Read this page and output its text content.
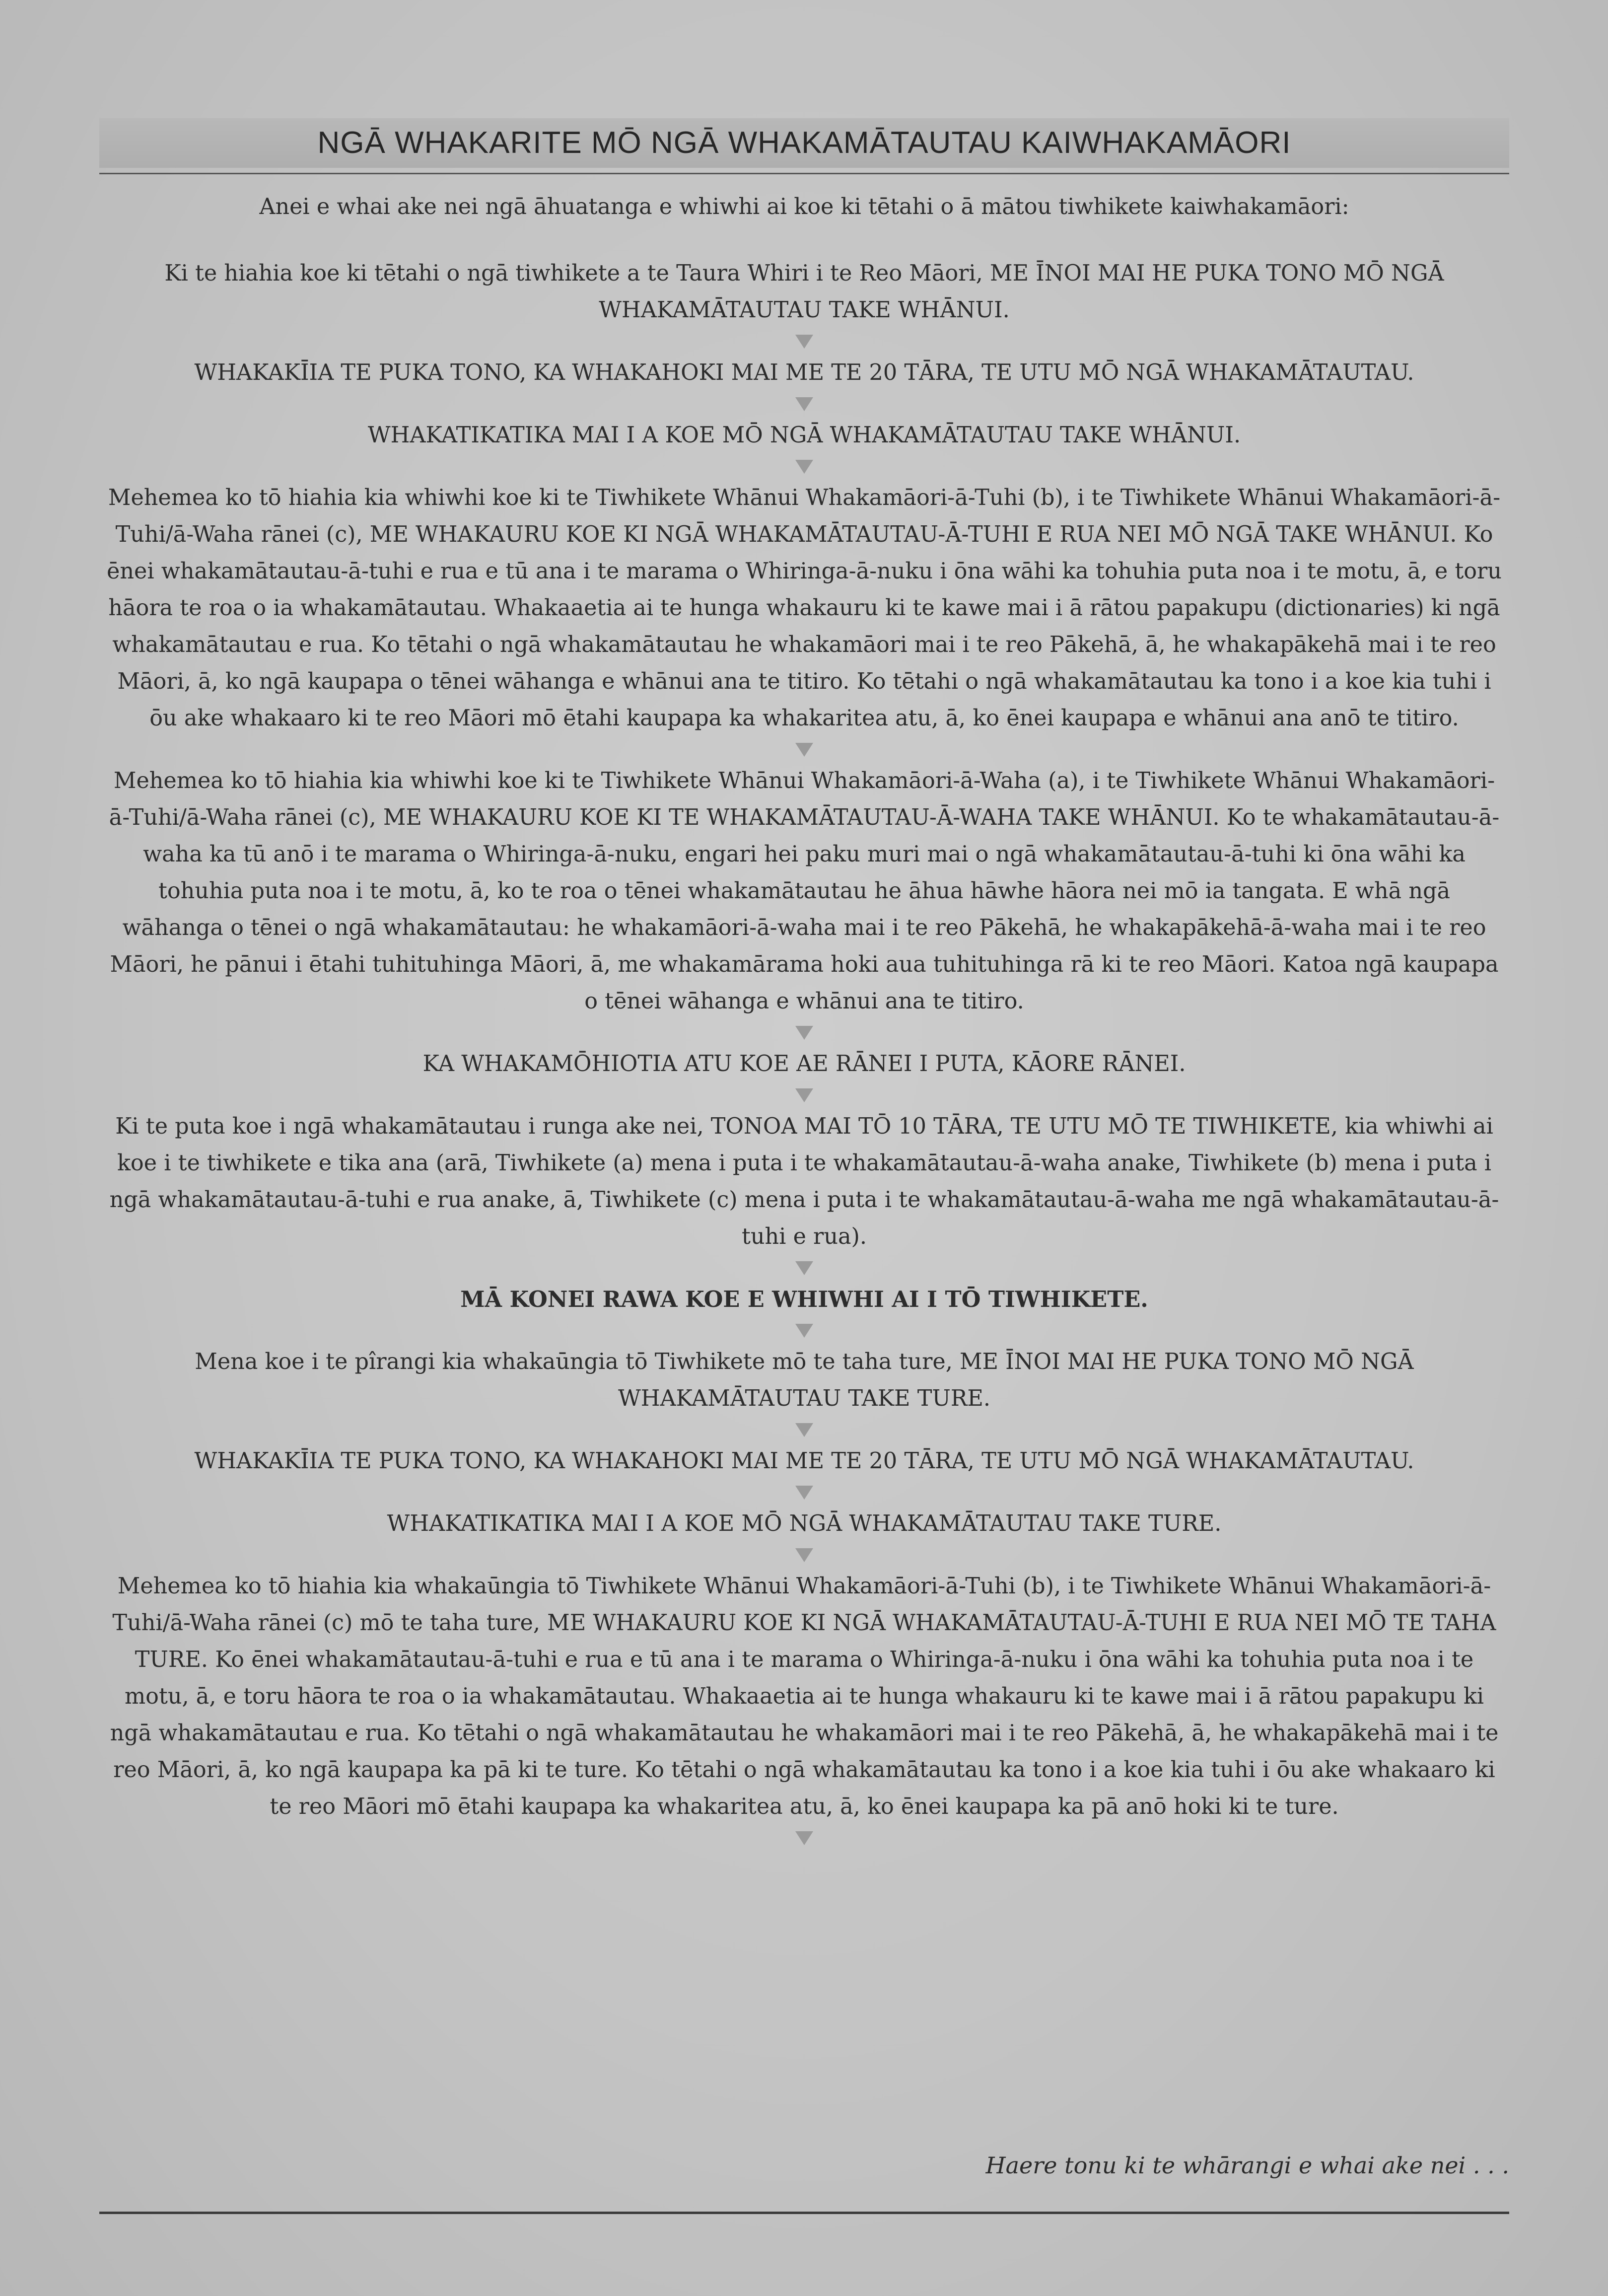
NGĀ WHAKARITE MŌ NGĀ WHAKAMĀTAUTAU KAIWHAKAMĀORI
Anei e whai ake nei ngā āhuatanga e whiwhi ai koe ki tētahi o ā mātou tiwhikete kaiwhakamāori:
Ki te hiahia koe ki tētahi o ngā tiwhikete a te Taura Whiri i te Reo Māori, ME ĪNOI MAI HE PUKA TONO MŌ NGĀ WHAKAMĀTAUTAU TAKE WHĀNUI.
WHAKAKĪIA TE PUKA TONO, KA WHAKAHOKI MAI ME TE 20 TĀRA, TE UTU MŌ NGĀ WHAKAMĀTAUTAU.
WHAKATIKATIKA MAI I A KOE MŌ NGĀ WHAKAMĀTAUTAU TAKE WHĀNUI.
Mehemea ko tō hiahia kia whiwhi koe ki te Tiwhikete Whānui Whakamāori-ā-Tuhi (b), i te Tiwhikete Whānui Whakamāori-ā-Tuhi/ā-Waha rānei (c), ME WHAKAURU KOE KI NGĀ WHAKAMĀTAUTAU-Ā-TUHI E RUA NEI MŌ NGĀ TAKE WHĀNUI. Ko ēnei whakamātautau-ā-tuhi e rua e tū ana i te marama o Whiringa-ā-nuku i ōna wāhi ka tohuhia puta noa i te motu, ā, e toru hāora te roa o ia whakamātautau. Whakaaetia ai te hunga whakauru ki te kawe mai i ā rātou papakupu (dictionaries) ki ngā whakamātautau e rua. Ko tētahi o ngā whakamātautau he whakamāori mai i te reo Pākehā, ā, he whakapākehā mai i te reo Māori, ā, ko ngā kaupapa o tēnei wāhanga e whānui ana te titiro. Ko tētahi o ngā whakamātautau ka tono i a koe kia tuhi i ōu ake whakaaro ki te reo Māori mō ētahi kaupapa ka whakaritea atu, ā, ko ēnei kaupapa e whānui ana anō te titiro.
Mehemea ko tō hiahia kia whiwhi koe ki te Tiwhikete Whānui Whakamāori-ā-Waha (a), i te Tiwhikete Whānui Whakamāori-ā-Tuhi/ā-Waha rānei (c), ME WHAKAURU KOE KI TE WHAKAMĀTAUTAU-Ā-WAHA TAKE WHĀNUI. Ko te whakamātautau-ā-waha ka tū anō i te marama o Whiringa-ā-nuku, engari hei paku muri mai o ngā whakamātautau-ā-tuhi ki ōna wāhi ka tohuhia puta noa i te motu, ā, ko te roa o tēnei whakamātautau he āhua hāwhe hāora nei mō ia tangata. E whā ngā wāhanga o tēnei o ngā whakamātautau: he whakamāori-ā-waha mai i te reo Pākehā, he whakapākehā-ā-waha mai i te reo Māori, he pānui i ētahi tuhituhinga Māori, ā, me whakamārama hoki aua tuhituhinga rā ki te reo Māori. Katoa ngā kaupapa o tēnei wāhanga e whānui ana te titiro.
KA WHAKAMŌHIOTIA ATU KOE AE RĀNEI I PUTA, KĀORE RĀNEI.
Ki te puta koe i ngā whakamātautau i runga ake nei, TONOA MAI TŌ 10 TĀRA, TE UTU MŌ TE TIWHIKETE, kia whiwhi ai koe i te tiwhikete e tika ana (arā, Tiwhikete (a) mena i puta i te whakamātautau-ā-waha anake, Tiwhikete (b) mena i puta i ngā whakamātautau-ā-tuhi e rua anake, ā, Tiwhikete (c) mena i puta i te whakamātautau-ā-waha me ngā whakamātautau-ā-tuhi e rua).
MĀ KONEI RAWA KOE E WHIWHI AI I TŌ TIWHIKETE.
Mena koe i te pîrangi kia whakaūngia tō Tiwhikete mō te taha ture, ME ĪNOI MAI HE PUKA TONO MŌ NGĀ WHAKAMĀTAUTAU TAKE TURE.
WHAKAKĪIA TE PUKA TONO, KA WHAKAHOKI MAI ME TE 20 TĀRA, TE UTU MŌ NGĀ WHAKAMĀTAUTAU.
WHAKATIKATIKA MAI I A KOE MŌ NGĀ WHAKAMĀTAUTAU TAKE TURE.
Mehemea ko tō hiahia kia whakaūngia tō Tiwhikete Whānui Whakamāori-ā-Tuhi (b), i te Tiwhikete Whānui Whakamāori-ā-Tuhi/ā-Waha rānei (c) mō te taha ture, ME WHAKAURU KOE KI NGĀ WHAKAMĀTAUTAU-Ā-TUHI E RUA NEI MŌ TE TAHA TURE. Ko ēnei whakamātautau-ā-tuhi e rua e tū ana i te marama o Whiringa-ā-nuku i ōna wāhi ka tohuhia puta noa i te motu, ā, e toru hāora te roa o ia whakamātautau. Whakaaetia ai te hunga whakauru ki te kawe mai i ā rātou papakupu ki ngā whakamātautau e rua. Ko tētahi o ngā whakamātautau he whakamāori mai i te reo Pākehā, ā, he whakapākehā mai i te reo Māori, ā, ko ngā kaupapa ka pā ki te ture. Ko tētahi o ngā whakamātautau ka tono i a koe kia tuhi i ōu ake whakaaro ki te reo Māori mō ētahi kaupapa ka whakaritea atu, ā, ko ēnei kaupapa ka pā anō hoki ki te ture.
Haere tonu ki te whārangi e whai ake nei . . .
